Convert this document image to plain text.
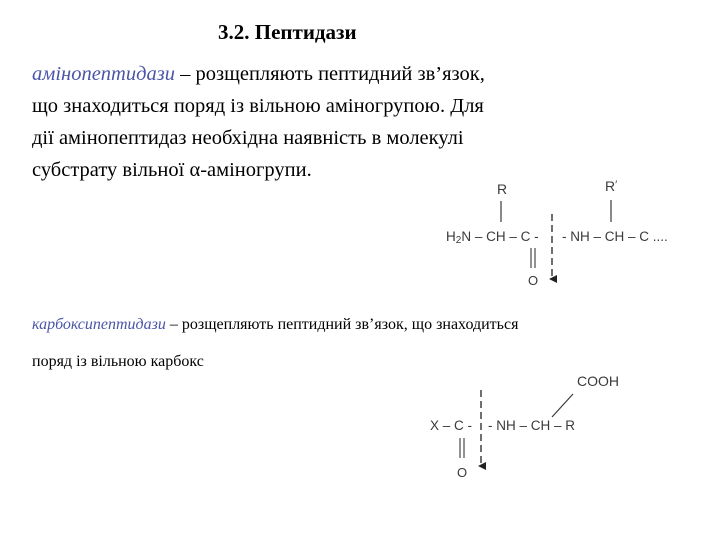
3.2. Пептидази
амінопептидази – розщепляють пептидний зв’язок,
що знаходиться поряд із вільною аміногрупою. Для
дії амінопептидаз необхідна наявність в молекулі
субстрату вільної α-аміногрупи.
карбоксипептидази – розщепляють пептидний зв’язок, що знаходиться
поряд із вільною карбокс
R	R′
H2N – CH – C - - NH – CH – C ....
O
COOH
X – C - - NH – CH – R
O
